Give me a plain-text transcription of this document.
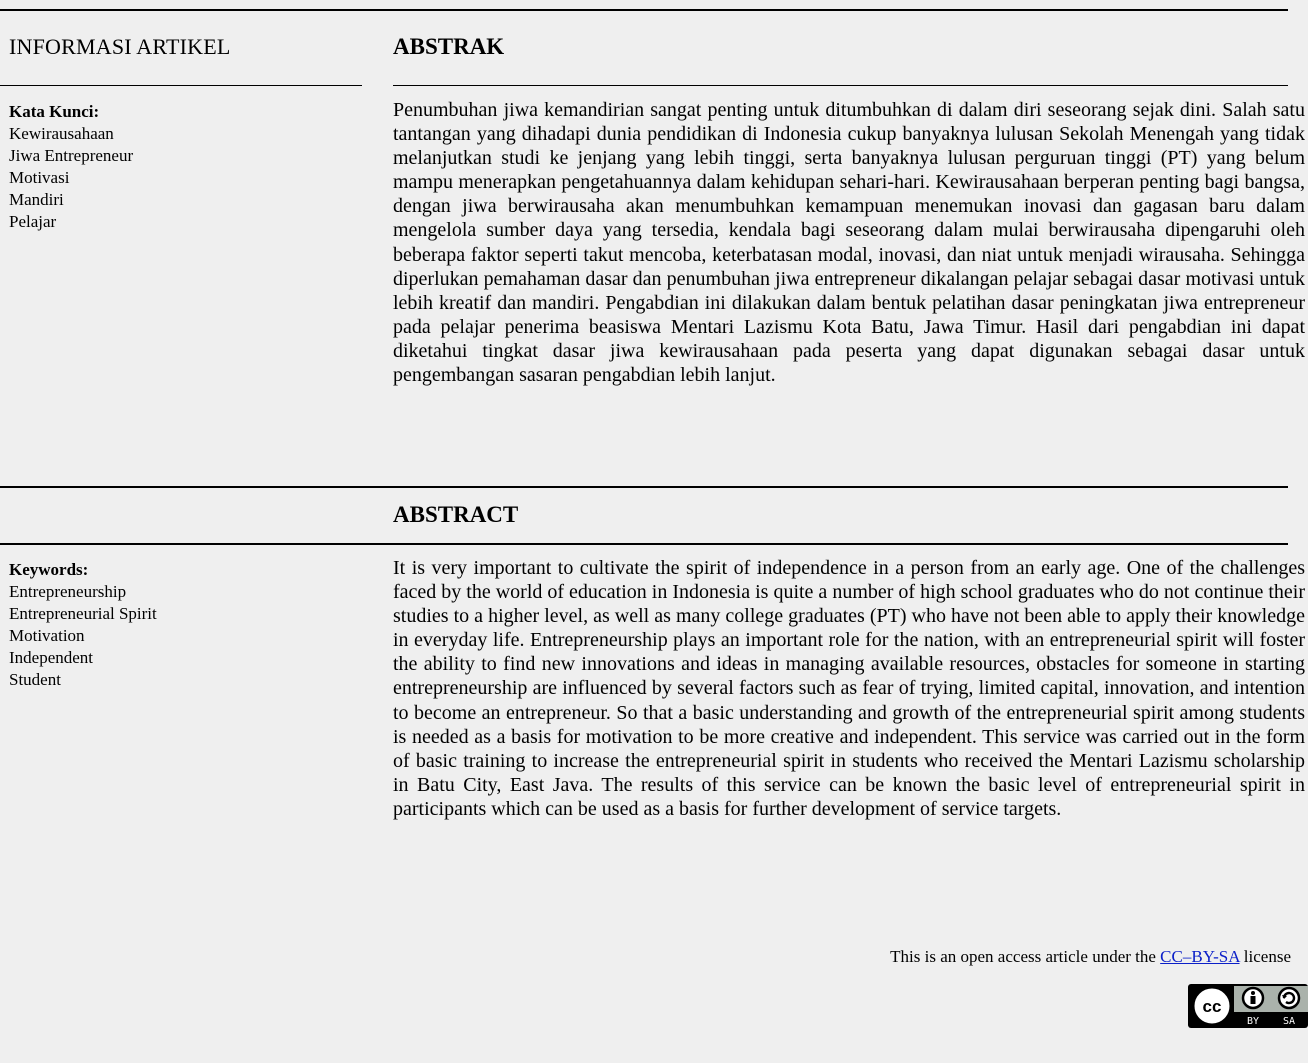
INFORMASI ARTIKEL	ABSTRAK
ABSTRACT
Kata Kunci:
Kewirausahaan
Jiwa Entrepreneur
Motivasi
Mandiri
Pelajar

Penumbuhan jiwa kemandirian sangat penting untuk ditumbuhkan di dalam diri seseorang sejak dini. Salah satu tantangan yang dihadapi dunia pendidikan di Indonesia cukup banyaknya lulusan Sekolah Menengah yang tidak melanjutkan studi ke jenjang yang lebih tinggi, serta banyaknya lulusan perguruan tinggi (PT) yang belum mampu menerapkan pengetahuannya dalam kehidupan sehari-hari. Kewirausahaan berperan penting bagi bangsa, dengan jiwa berwirausaha akan menumbuhkan kemampuan menemukan inovasi dan gagasan baru dalam mengelola sumber daya yang tersedia, kendala bagi seseorang dalam mulai berwirausaha dipengaruhi oleh beberapa faktor seperti takut mencoba, keterbatasan modal, inovasi, dan niat untuk menjadi wirausaha. Sehingga diperlukan pemahaman dasar dan penumbuhan jiwa entrepreneur dikalangan pelajar sebagai dasar motivasi untuk lebih kreatif dan mandiri. Pengabdian ini dilakukan dalam bentuk pelatihan dasar peningkatan jiwa entrepreneur pada pelajar penerima beasiswa Mentari Lazismu Kota Batu, Jawa Timur. Hasil dari pengabdian ini dapat diketahui tingkat dasar jiwa kewirausahaan pada peserta yang dapat digunakan sebagai dasar untuk pengembangan sasaran pengabdian lebih lanjut.

Keywords:
Entrepreneurship
Entrepreneurial Spirit
Motivation
Independent
Student

It is very important to cultivate the spirit of independence in a person from an early age. One of the challenges faced by the world of education in Indonesia is quite a number of high school graduates who do not continue their studies to a higher level, as well as many college graduates (PT) who have not been able to apply their knowledge in everyday life. Entrepreneurship plays an important role for the nation, with an entrepreneurial spirit will foster the ability to find new innovations and ideas in managing available resources, obstacles for someone in starting entrepreneurship are influenced by several factors such as fear of trying, limited capital, innovation, and intention to become an entrepreneur. So that a basic understanding and growth of the entrepreneurial spirit among students is needed as a basis for motivation to be more creative and independent. This service was carried out in the form of basic training to increase the entrepreneurial spirit in students who received the Mentari Lazismu scholarship in Batu City, East Java. The results of this service can be known the basic level of entrepreneurial spirit in participants which can be used as a basis for further development of service targets.

This is an open access article under the CC–BY-SA license
cc
BY SA
